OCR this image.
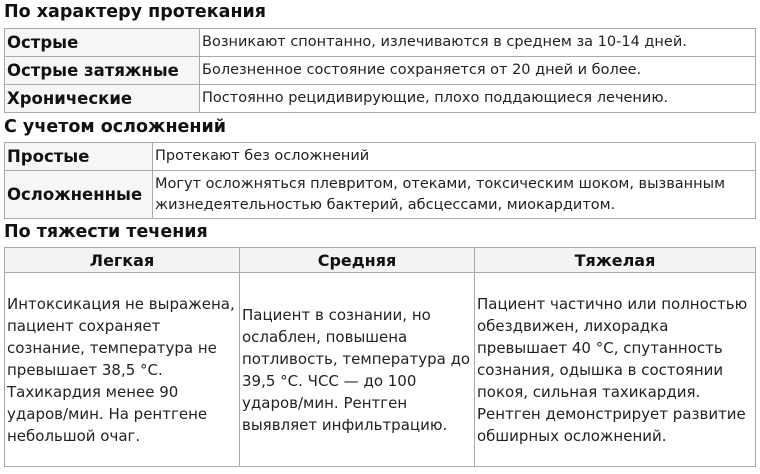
По характеру протекания
Острые	Возникают спонтанно, излечиваются в среднем за 10-14 дней.
Острые затяжные	Болезненное состояние сохраняется от 20 дней и более.
Хронические	Постоянно рецидивирующие, плохо поддающиеся лечению.
С учетом осложнений
Простые	Протекают без осложнений
Осложненные	Могут осложняться плевритом, отеками, токсическим шоком, вызванным жизнедеятельностью бактерий, абсцессами, миокардитом.
По тяжести течения
Легкая	Средняя	Тяжелая
Интоксикация не выражена, пациент сохраняет сознание, температура не превышает 38,5 °С. Тахикардия менее 90 ударов/мин. На рентгене небольшой очаг.	Пациент в сознании, но ослаблен, повышена потливость, температура до 39,5 °С. ЧСС — до 100 ударов/мин. Рентген выявляет инфильтрацию.	Пациент частично или полностью обездвижен, лихорадка превышает 40 °С, спутанность сознания, одышка в состоянии покоя, сильная тахикардия. Рентген демонстрирует развитие обширных осложнений.
